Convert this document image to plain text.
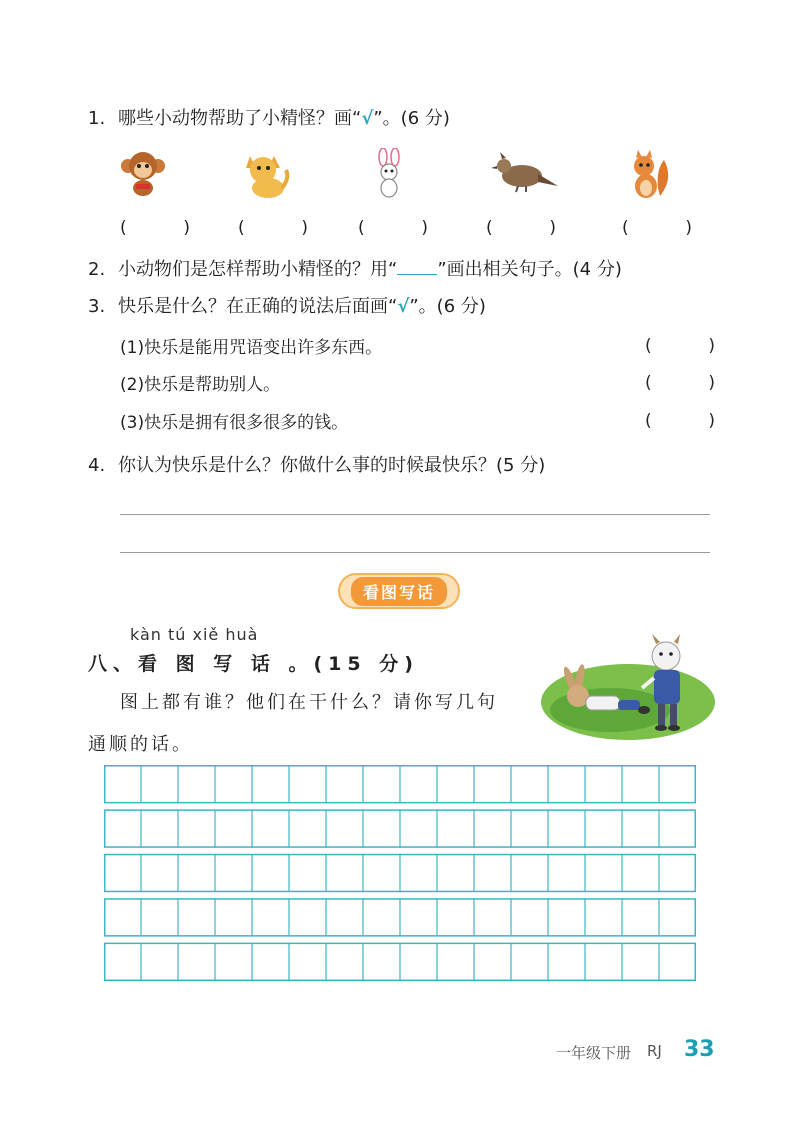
1. 哪些小动物帮助了小精怪？画“√”。(6 分)
(	)	(	)	(	)	(	)	(	)
2. 小动物们是怎样帮助小精怪的？用“ ”画出相关句子。(4 分)
3. 快乐是什么？在正确的说法后面画“√”。(6 分)
(1)快乐是能用咒语变出许多东西。	(	)
(2)快乐是帮助别人。	(	)
(3)快乐是拥有很多很多的钱。	(	)
4. 你认为快乐是什么？你做什么事的时候最快乐？(5 分)
看图写话
kàn tú xiě huà
八、看 图 写 话 。(15 分)
图上都有谁？他们在干什么？请你写几句
通顺的话。
一年级下册 RJ 33
